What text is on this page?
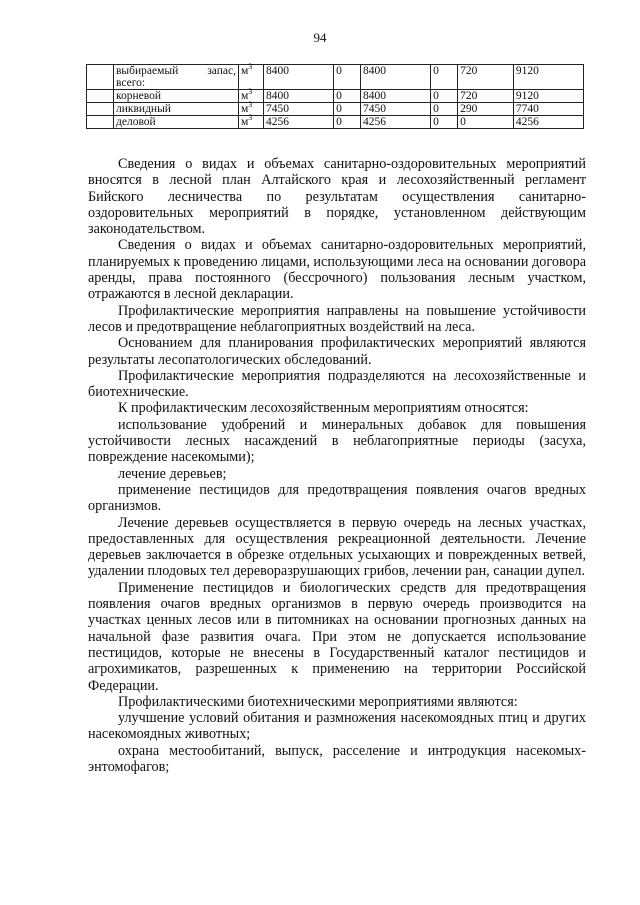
94

	выбираемый запас,
всего:	$м^3$	8400	0	8400	0	720	9120
	корневой	$м^3$	8400	0	8400	0	720	9120
	ликвидный	$м^3$	7450	0	7450	0	290	7740
	деловой	$м^3$	4256	0	4256	0	0	4256

Сведения о видах и объемах санитарно-оздоровительных мероприятий вносятся в лесной план Алтайского края и лесохозяйственный регламент Бийского лесничества по результатам осуществления санитарно-оздоровительных мероприятий в порядке, установленном действующим законодательством.

Сведения о видах и объемах санитарно-оздоровительных мероприятий, планируемых к проведению лицами, использующими леса на основании договора аренды, права постоянного (бессрочного) пользования лесным участком, отражаются в лесной декларации.

Профилактические мероприятия направлены на повышение устойчивости лесов и предотвращение неблагоприятных воздействий на леса.

Основанием для планирования профилактических мероприятий являются результаты лесопатологических обследований.

Профилактические мероприятия подразделяются на лесохозяйственные и биотехнические.

К профилактическим лесохозяйственным мероприятиям относятся:

использование удобрений и минеральных добавок для повышения устойчивости лесных насаждений в неблагоприятные периоды (засуха, повреждение насекомыми);

лечение деревьев;

применение пестицидов для предотвращения появления очагов вредных организмов.

Лечение деревьев осуществляется в первую очередь на лесных участках, предоставленных для осуществления рекреационной деятельности. Лечение деревьев заключается в обрезке отдельных усыхающих и поврежденных ветвей, удалении плодовых тел дереворазрушающих грибов, лечении ран, санации дупел.

Применение пестицидов и биологических средств для предотвращения появления очагов вредных организмов в первую очередь производится на участках ценных лесов или в питомниках на основании прогнозных данных на начальной фазе развития очага. При этом не допускается использование пестицидов, которые не внесены в Государственный каталог пестицидов и агрохимикатов, разрешенных к применению на территории Российской Федерации.

Профилактическими биотехническими мероприятиями являются:

улучшение условий обитания и размножения насекомоядных птиц и других насекомоядных животных;

охрана местообитаний, выпуск, расселение и интродукция насекомых-энтомофагов;
